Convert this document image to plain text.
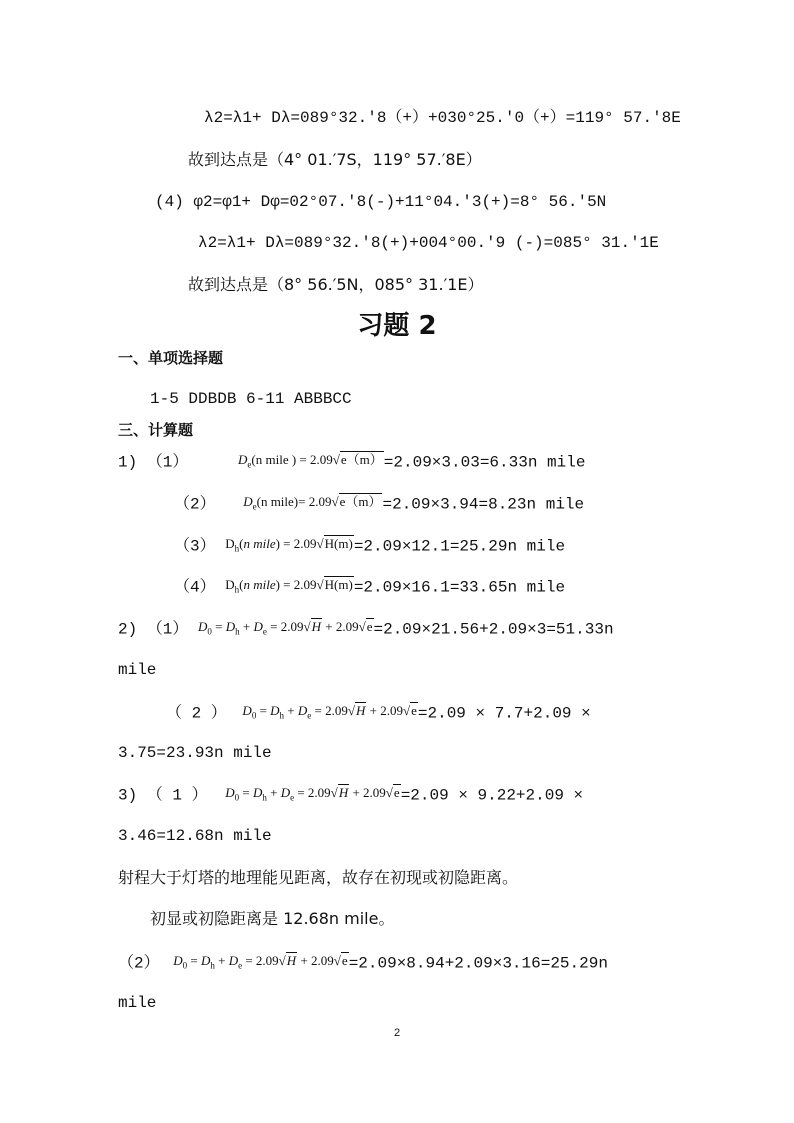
λ2=λ1+ Dλ=089°32.′8（+）+030°25.′0（+）=119° 57.′8E
故到达点是（4° 01.′7S，119° 57.′8E）
(4) φ2=φ1+ Dφ=02°07.′8(-)+11°04.′3(+)=8° 56.′5N
λ2=λ1+ Dλ=089°32.′8(+)+004°00.′9 (-)=085° 31.′1E
故到达点是（8° 56.′5N，085° 31.′1E）
习题 2
一、单项选择题
1-5 DDBDB 6-11 ABBBCC
三、计算题
1) （1）	$D_e(n$ mile ) = 2.09√e（m）=2.09×3.03=6.33n mile
（2） $D_e(n$ mile)= 2.09√e（m）=2.09×3.94=8.23n mile
（3） $D_h(n$ mile) = 2.09√H(m)=2.09×12.1=25.29n mile
（4） $D_h(n$ mile) = 2.09√H(m)=2.09×16.1=33.65n mile
2) （1） $D_0 = D_h + D_e = 2.09√H + 2.09√e=2.09\times 21.56+2.09\times 3=51.33n$
mile
（ 2 ） $D_0 = D_h + D_e = 2.09√H + 2.09√e=2.09 \times 7.7+2.09$ ×
3.75=23.93n mile
3) （ 1 ） $D_0 = D_h + D_e = 2.09√H + 2.09√e=2.09 \times 9.22+2.09$ ×
3.46=12.68n mile
射程大于灯塔的地理能见距离，故存在初现或初隐距离。
初显或初隐距离是 12.68n mile。
（2） $D_0 = D_h + D_e = 2.09√H + 2.09√e=2.09\times 8.94+2.09\times 3.16=25.29n$
mile
2
